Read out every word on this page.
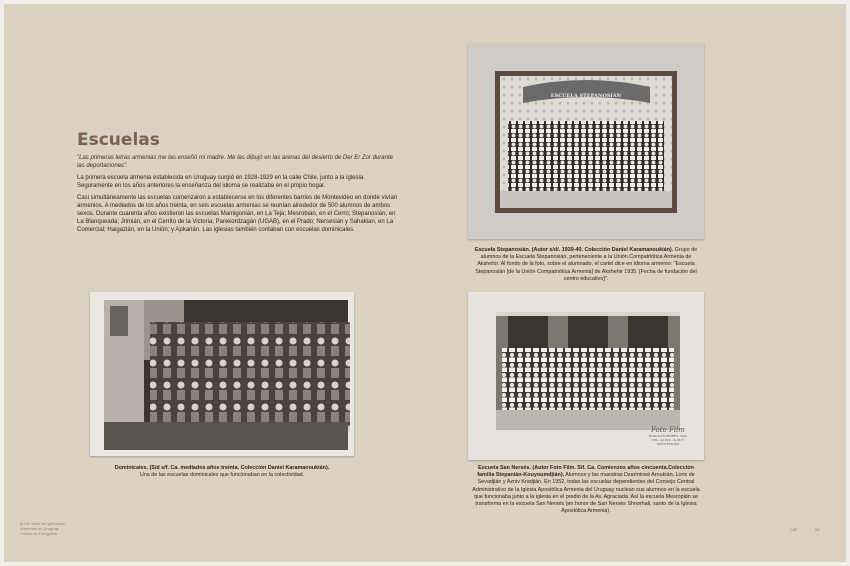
Escuelas
"Las primeras letras armenias me las enseñó mi madre. Me las dibujó en las arenas del desierto de Der Er Zor durante las deportaciones".
La primera escuela armenia establecida en Uruguay surgió en 1928-1929 en la calle Chile, junto a la iglesia. Seguramente en los años anteriores la enseñanza del idioma se realizaba en el propio hogar.
Casi simultáneamente las escuelas comenzaron a establecerse en los diferentes barrios de Montevideo en donde vivían armenios. A mediados de los años treinta, en seis escuelas armenias se reunían alrededor de 500 alumnos de ambos sexos. Durante cuarenta años existieron las escuelas Mamigonián, en La Teja; Mesrobián, en el Cerro; Stepanosián, en La Blanqueada; Jrimián, en el Cerrito de la Victoria; Parekordzagán (UGAB), en el Prado; Nersesián y Sahakian, en La Comercial; Haigazián, en la Unión; y Apkarián. Las iglesias también contaban con escuelas dominicales.
ESCUELA STEPANOSIÁN
Escuela Stepanosián. (Autor s/d/. 1939-40. Colección Daniel Karamanoukián). Grupo de alumnos de la Escuela Stepanosián, perteneciente a la Unión Compatriótica Armenia de Akshehir. Al fondo de la foto, sobre el alumnado, el cartel dice en idioma armenio: "Escuela Stepanosián [de la Unión Compatriótica Armenia] de Akshehir 1935. [Fecha de fundación del centro educativo]".
Dominicales. (S/d s/f. Ca. mediados años treinta. Colección Daniel Karamanoukián).
Una de las escuelas dominicales que funcionaban en la colectividad.
Foto Film
RODOLFO BEIRES 1936
TEL. 4-1812 - 4-1817
MONTEVIDEO
Escuela San Nersés. (Autor Foto Film. S/f. Ca. Comienzos años cincuenta.Colección familia Stepanián-Kouyoumdjián). Alumnos y las maestras Dzarmineé Aroukián, Loris de Sevadjián y Azniv Kradjián. En 1952, todas las escuelas dependientes del Consejo Central Administrativo de la Iglesia Apostólica Armenia del Uruguay nuclean sus alumnos en la escuela que funcionaba junto a la iglesia en el predio de la Av. Agraciada. Así la escuela Mesropián se transforma en la escuela San Nersés (en honor de San Nersés Shnorhali, santo de la Iglesia Apostólica Armenia).
A 100 años del genocidio
Armenios en Uruguay
Centro de Fotografía
CdF	IM
